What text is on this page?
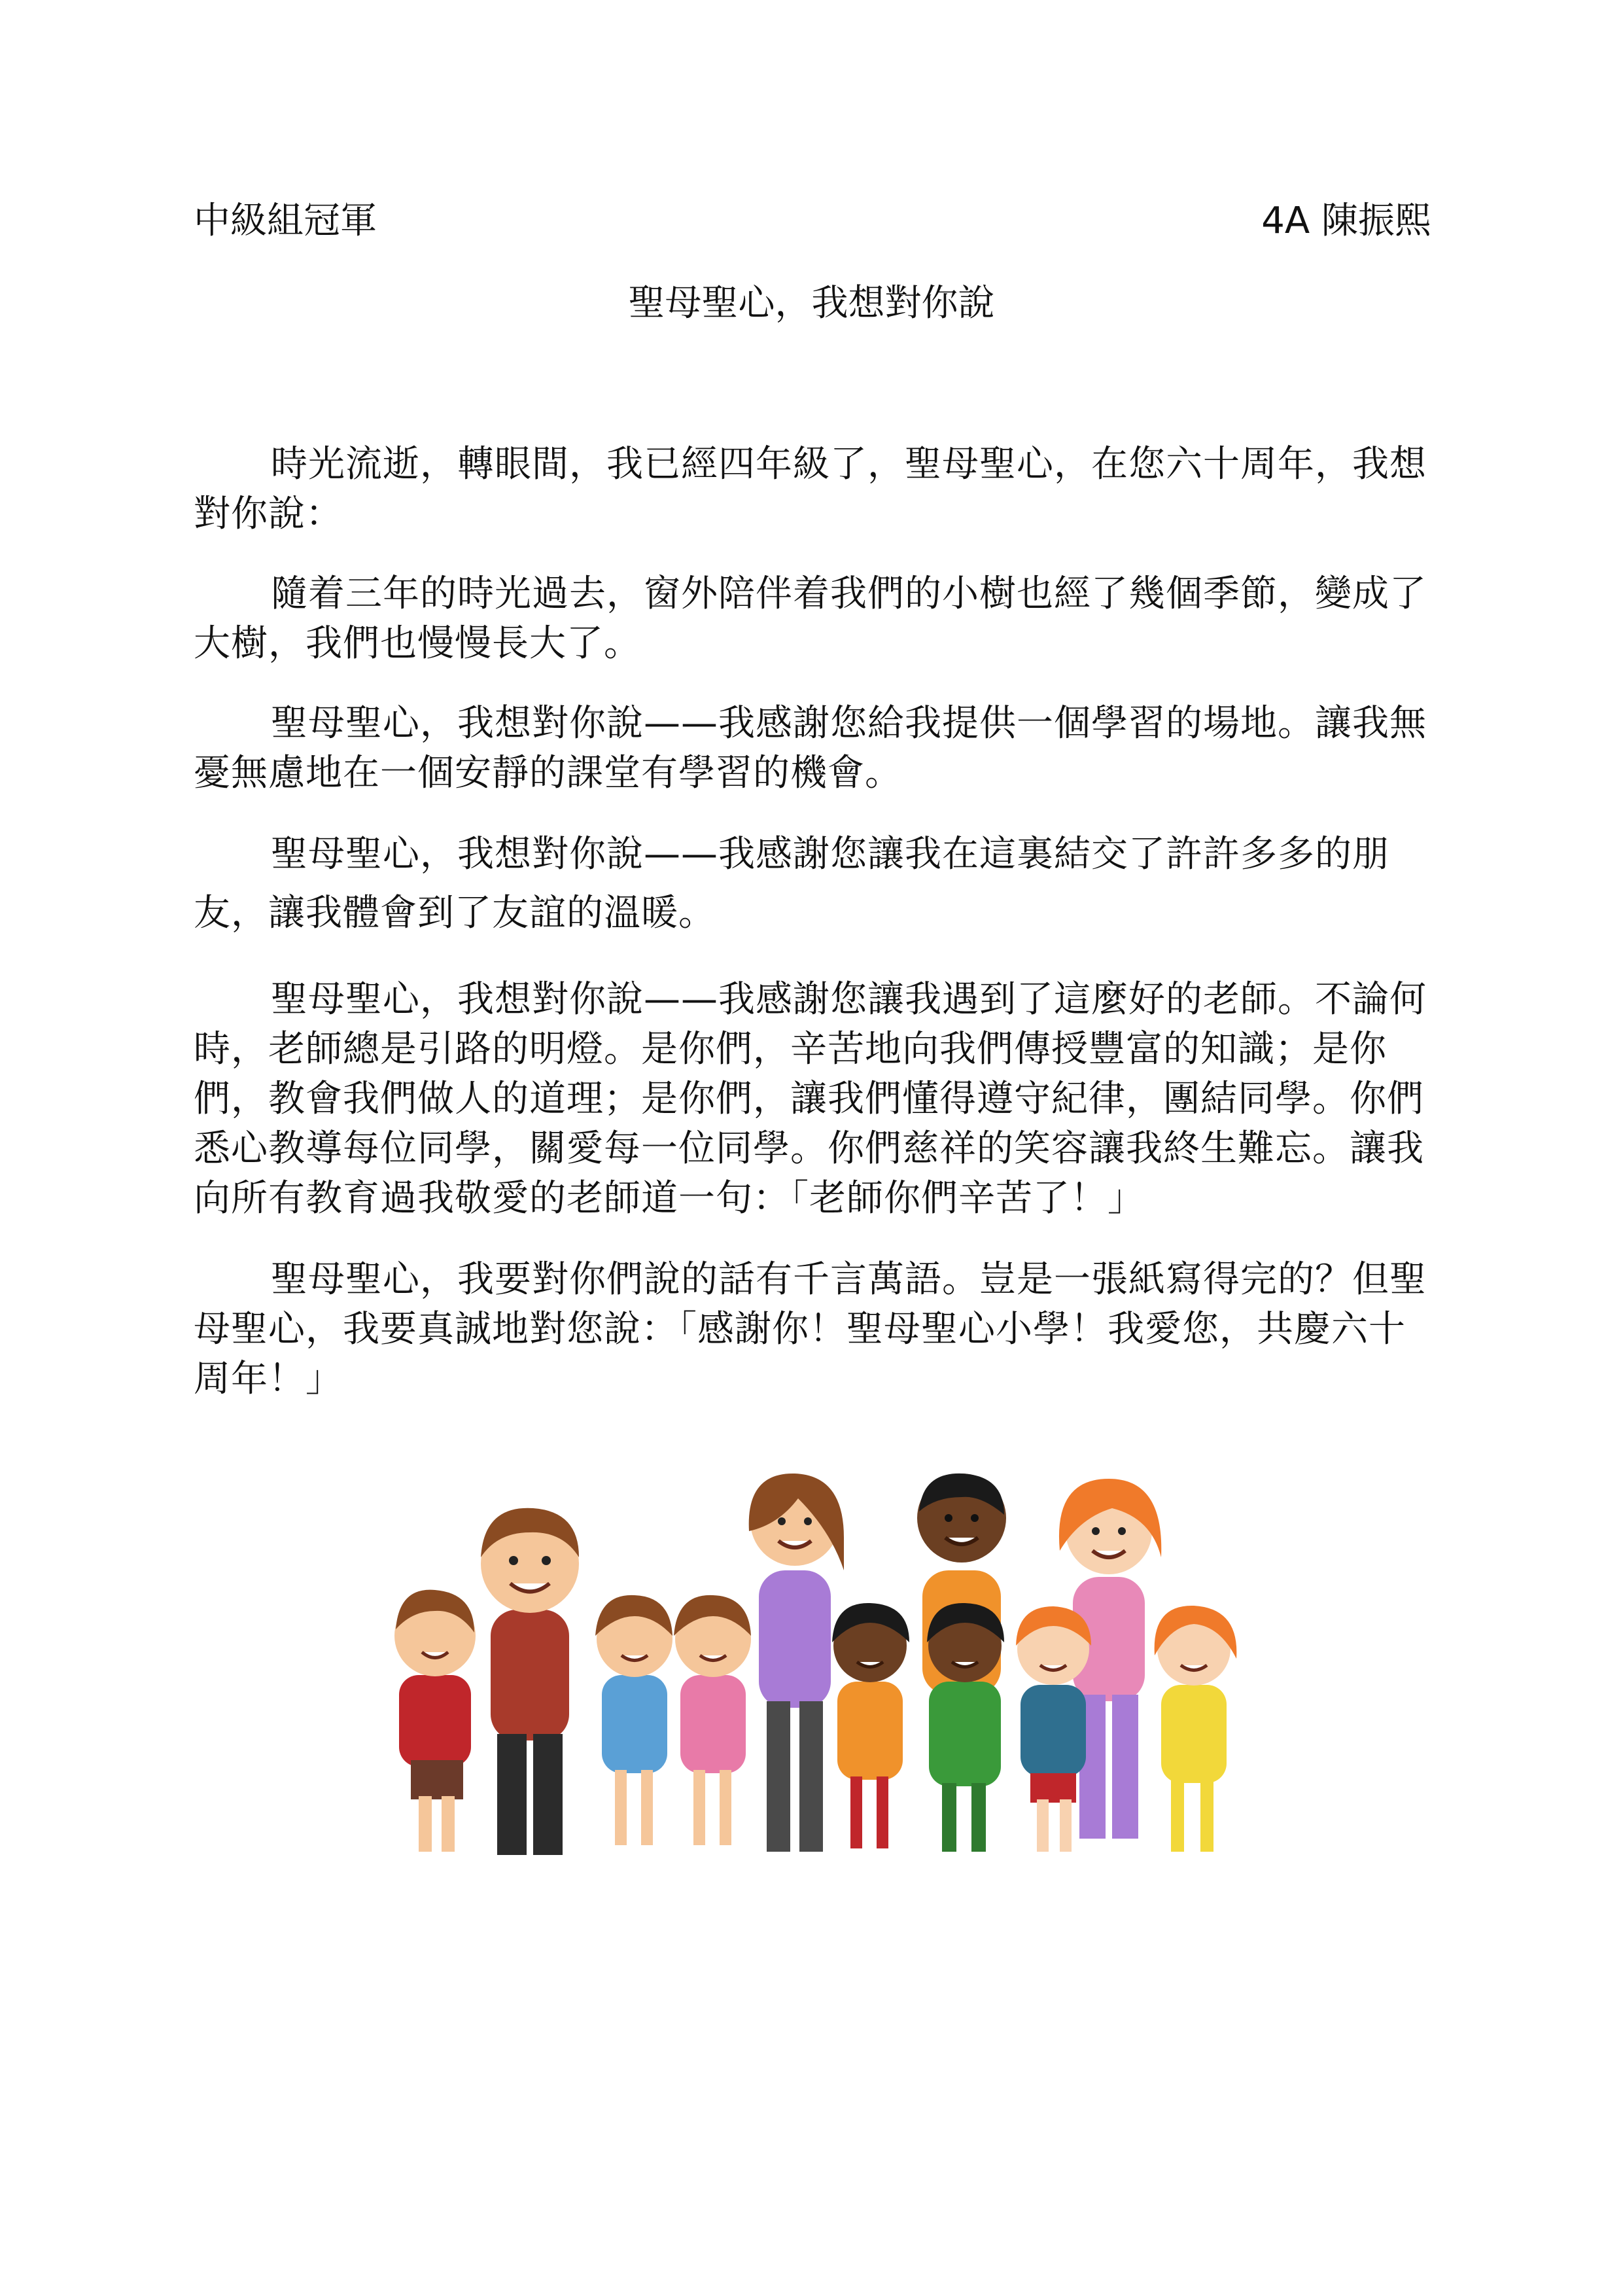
中級組冠軍	4A 陳振熙
聖母聖心，我想對你說
時光流逝，轉眼間，我已經四年級了，聖母聖心，在您六十周年，我想
對你說：
隨着三年的時光過去，窗外陪伴着我們的小樹也經了幾個季節，變成了
大樹，我們也慢慢長大了。
聖母聖心，我想對你說——我感謝您給我提供一個學習的場地。讓我無
憂無慮地在一個安靜的課堂有學習的機會。
聖母聖心，我想對你說——我感謝您讓我在這裏結交了許許多多的朋
友，讓我體會到了友誼的溫暖。
聖母聖心，我想對你說——我感謝您讓我遇到了這麼好的老師。不論何
時，老師總是引路的明燈。是你們，辛苦地向我們傳授豐富的知識；是你
們，教會我們做人的道理；是你們，讓我們懂得遵守紀律，團結同學。你們
悉心教導每位同學，關愛每一位同學。你們慈祥的笑容讓我終生難忘。讓我
向所有教育過我敬愛的老師道一句：「老師你們辛苦了！」
聖母聖心，我要對你們說的話有千言萬語。豈是一張紙寫得完的？但聖
母聖心，我要真誠地對您說：「感謝你！聖母聖心小學！我愛您，共慶六十
周年！」
